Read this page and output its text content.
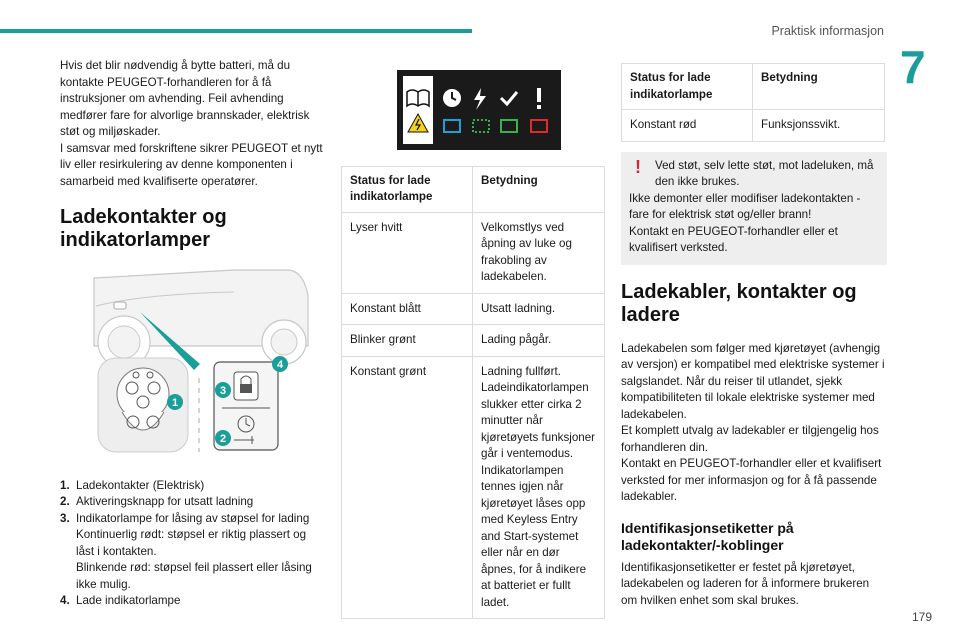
Praktisk informasjon
7
179

Hvis det blir nødvendig å bytte batteri, må du kontakte PEUGEOT-forhandleren for å få instruksjoner om avhending. Feil avhending medfører fare for alvorlige brannskader, elektrisk støt og miljøskader.

I samsvar med forskriftene sikrer PEUGEOT et nytt liv eller resirkulering av denne komponenten i samarbeid med kvalifiserte operatører.

Ladekontakter og indikatorlamper
1
2
3
4
1. Ladekontakter (Elektrisk)
2. Aktiveringsknapp for utsatt ladning
3. Indikatorlampe for låsing av støpsel for lading
Kontinuerlig rødt: støpsel er riktig plassert og låst i kontakten.
Blinkende rød: støpsel feil plassert eller låsing ikke mulig.
4. Lade indikatorlampe
Status for lade indikatorlampe	Betydning
Lyser hvitt	Velkomstlys ved åpning av luke og frakobling av ladekabelen.
Konstant blått	Utsatt ladning.
Blinker grønt	Lading pågår.
Konstant grønt	Ladning fullført. Ladeindikatorlampen slukker etter cirka 2 minutter når kjøretøyets funksjoner går i ventemodus. Indikatorlampen tennes igjen når kjøretøyet låses opp med Keyless Entry and Start-systemet eller når en dør åpnes, for å indikere at batteriet er fullt ladet.
Status for lade indikatorlampe	Betydning
Konstant rød	Funksjonssvikt.
!	Ved støt, selv lette støt, mot ladeluken, må den ikke brukes.

Ikke demonter eller modifiser ladekontakten - fare for elektrisk støt og/eller brann!

Kontakt en PEUGEOT-forhandler eller et kvalifisert verksted.

Ladekabler, kontakter og ladere

Ladekabelen som følger med kjøretøyet (avhengig av versjon) er kompatibel med elektriske systemer i salgslandet. Når du reiser til utlandet, sjekk kompatibiliteten til lokale elektriske systemer med ladekabelen.

Et komplett utvalg av ladekabler er tilgjengelig hos forhandleren din.

Kontakt en PEUGEOT-forhandler eller et kvalifisert verksted for mer informasjon og for å få passende ladekabler.

Identifikasjonsetiketter på ladekontakter/-koblinger

Identifikasjonsetiketter er festet på kjøretøyet, ladekabelen og laderen for å informere brukeren om hvilken enhet som skal brukes.
